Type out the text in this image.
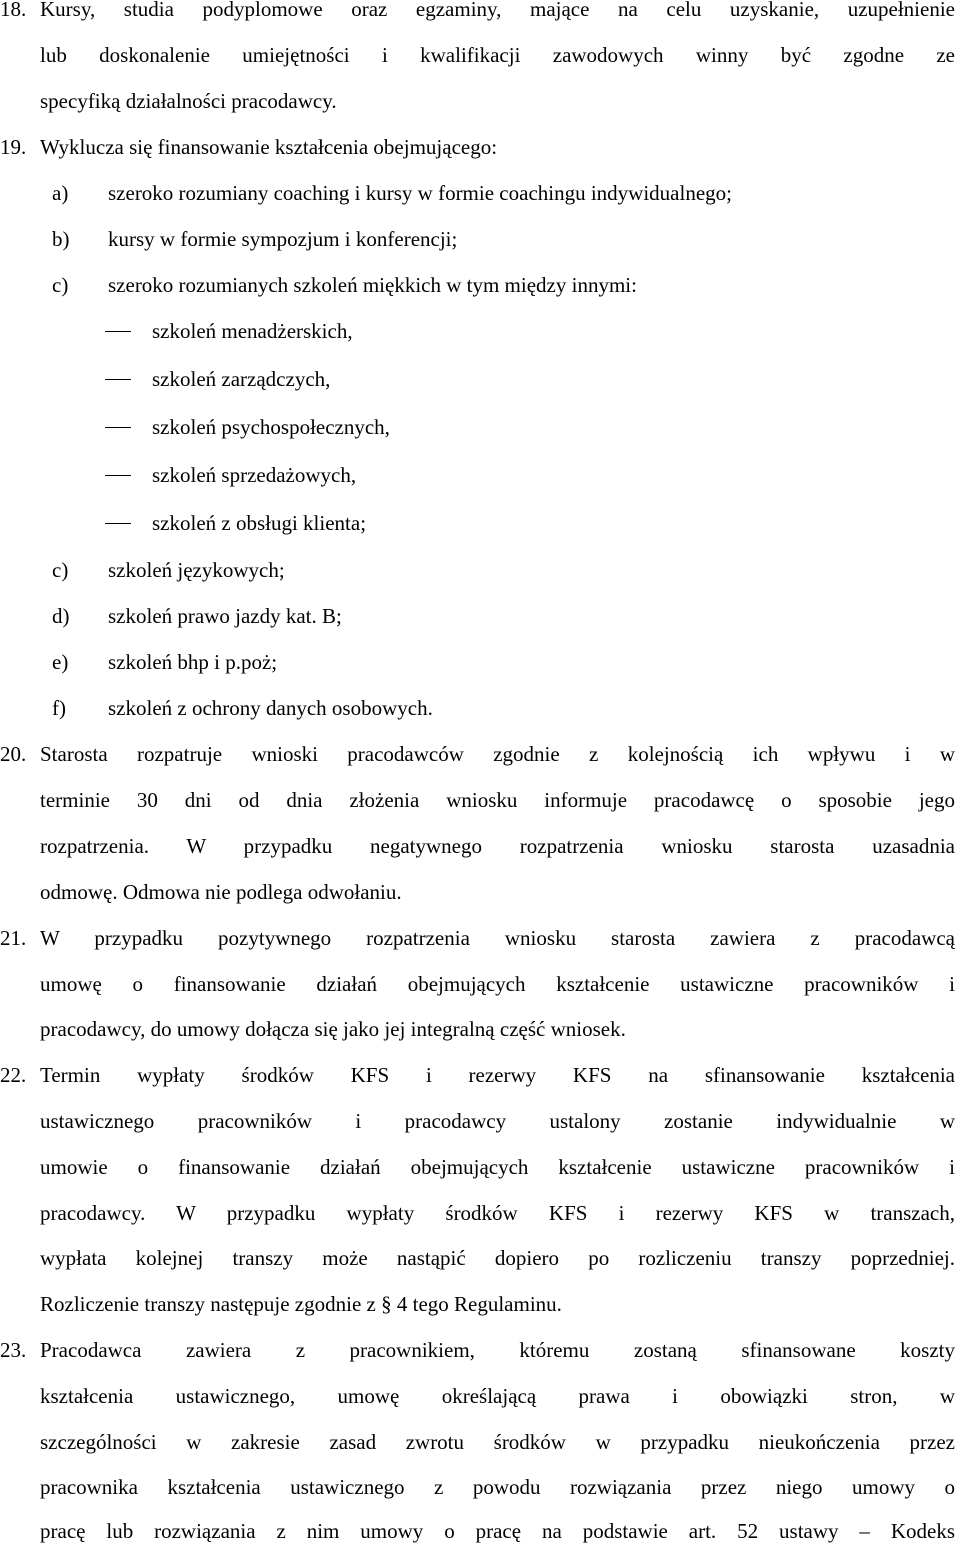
18. Kursy, studia podyplomowe oraz egzaminy, mające na celu uzyskanie, uzupełnienie
lub doskonalenie umiejętności i kwalifikacji zawodowych winny być zgodne ze
specyfiką działalności pracodawcy.
19. Wyklucza się finansowanie kształcenia obejmującego:
a) szeroko rozumiany coaching i kursy w formie coachingu indywidualnego;
b) kursy w formie sympozjum i konferencji;
c) szeroko rozumianych szkoleń miękkich w tym między innymi:
szkoleń menadżerskich,
szkoleń zarządczych,
szkoleń psychospołecznych,
szkoleń sprzedażowych,
szkoleń z obsługi klienta;
c) szkoleń językowych;
d) szkoleń prawo jazdy kat. B;
e) szkoleń bhp i p.poż;
f) szkoleń z ochrony danych osobowych.
20. Starosta rozpatruje wnioski pracodawców zgodnie z kolejnością ich wpływu i w
terminie 30 dni od dnia złożenia wniosku informuje pracodawcę o sposobie jego
rozpatrzenia. W przypadku negatywnego rozpatrzenia wniosku starosta uzasadnia
odmowę. Odmowa nie podlega odwołaniu.
21. W przypadku pozytywnego rozpatrzenia wniosku starosta zawiera z pracodawcą
umowę o finansowanie działań obejmujących kształcenie ustawiczne pracowników i
pracodawcy, do umowy dołącza się jako jej integralną część wniosek.
22. Termin wypłaty środków KFS i rezerwy KFS na sfinansowanie kształcenia
ustawicznego pracowników i pracodawcy ustalony zostanie indywidualnie w
umowie o finansowanie działań obejmujących kształcenie ustawiczne pracowników i
pracodawcy. W przypadku wypłaty środków KFS i rezerwy KFS w transzach,
wypłata kolejnej transzy może nastąpić dopiero po rozliczeniu transzy poprzedniej.
Rozliczenie transzy następuje zgodnie z § 4 tego Regulaminu.
23. Pracodawca zawiera z pracownikiem, któremu zostaną sfinansowane koszty
kształcenia ustawicznego, umowę określającą prawa i obowiązki stron, w
szczególności w zakresie zasad zwrotu środków w przypadku nieukończenia przez
pracownika kształcenia ustawicznego z powodu rozwiązania przez niego umowy o
pracę lub rozwiązania z nim umowy o pracę na podstawie art. 52 ustawy – Kodeks
